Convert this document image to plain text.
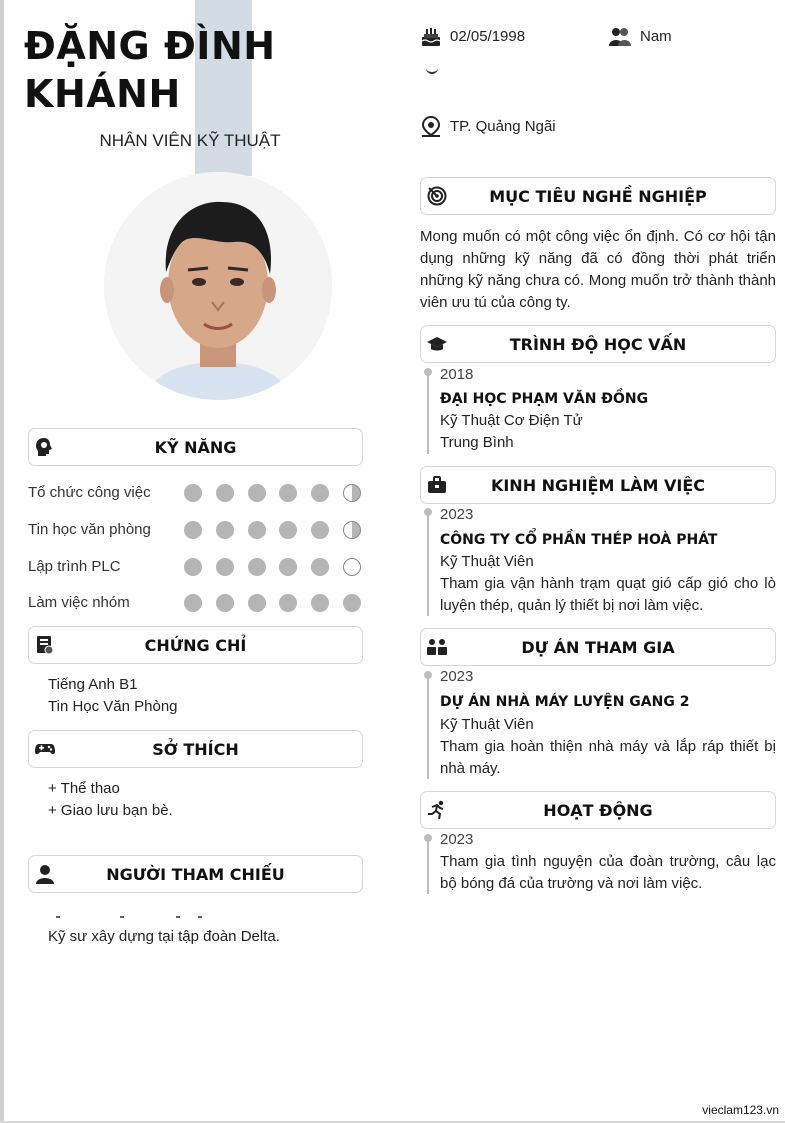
ĐẶNG ĐÌNH
KHÁNH
NHÂN VIÊN KỸ THUẬT
02/05/1998	Nam
TP. Quảng Ngãi
KỸ NĂNG
Tổ chức công việc
Tin học văn phòng
Lập trình PLC
Làm việc nhóm
CHỨNG CHỈ
Tiếng Anh B1
Tin Học Văn Phòng
SỞ THÍCH
+ Thể thao
+ Giao lưu bạn bè.
NGƯỜI THAM CHIẾU
Kỹ sư xây dựng tại tập đoàn Delta.
MỤC TIÊU NGHỀ NGHIỆP
Mong muốn có một công việc ổn định. Có cơ hội tận dụng những kỹ năng đã có đồng thời phát triển những kỹ năng chưa có. Mong muốn trở thành thành viên ưu tú của công ty.
TRÌNH ĐỘ HỌC VẤN
2018
ĐẠI HỌC PHẠM VĂN ĐỒNG
Kỹ Thuật Cơ Điện Tử
Trung Bình
KINH NGHIỆM LÀM VIỆC
2023
CÔNG TY CỔ PHẦN THÉP HOÀ PHÁT
Kỹ Thuật Viên
Tham gia vận hành trạm quạt gió cấp gió cho lò luyện thép, quản lý thiết bị nơi làm việc.
DỰ ÁN THAM GIA
2023
DỰ ÁN NHÀ MÁY LUYỆN GANG 2
Kỹ Thuật Viên
Tham gia hoàn thiện nhà máy và lắp ráp thiết bị nhà máy.
HOẠT ĐỘNG
2023
Tham gia tình nguyện của đoàn trường, câu lạc bộ bóng đá của trường và nơi làm việc.
vieclam123.vn
